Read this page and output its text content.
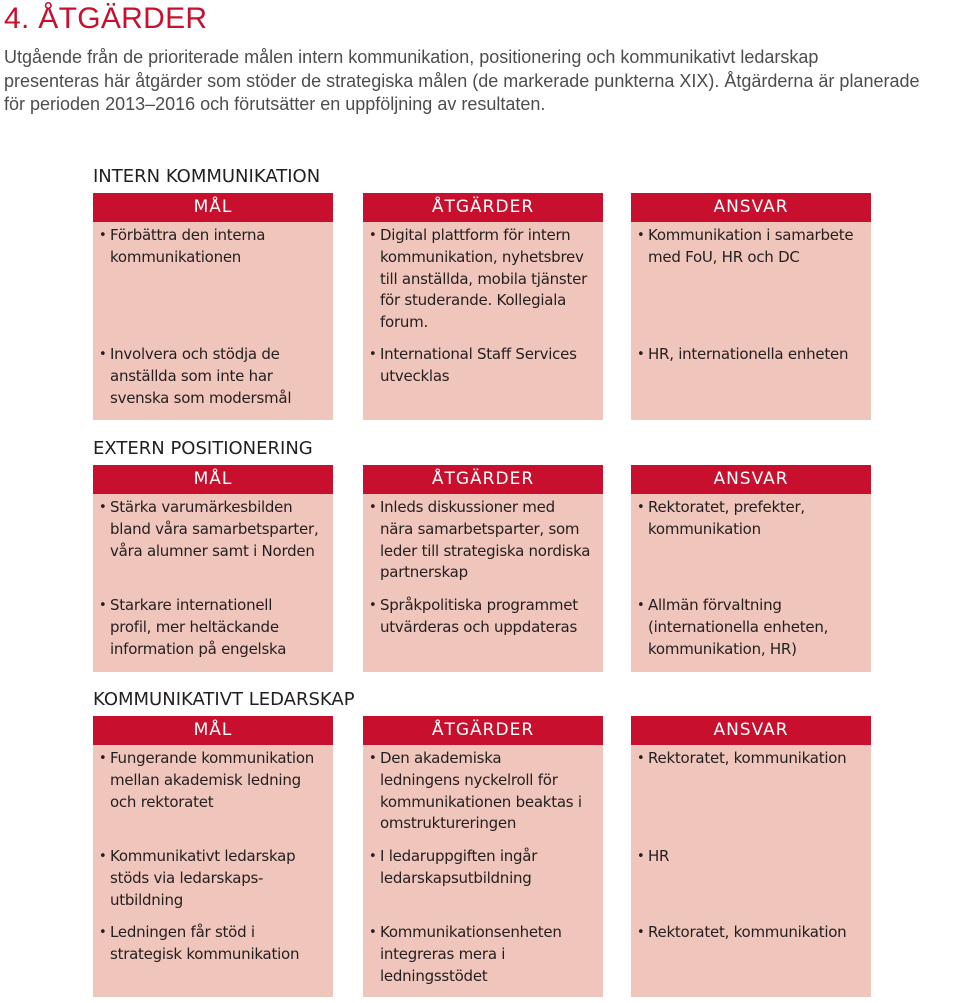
4. ÅTGÄRDER

Utgående från de prioriterade målen intern kommunikation, positionering och kommunikativt ledarskap

presenteras här åtgärder som stöder de strategiska målen (de markerade punkterna XIX). Åtgärderna är planerade

för perioden 2013–2016 och förutsätter en uppföljning av resultaten.

INTERN KOMMUNIKATION
MÅL
• Förbättra den interna
kommunikationen
• Involvera och stödja de
anställda som inte har
svenska som modersmål
ÅTGÄRDER
• Digital plattform för intern
kommunikation, nyhetsbrev
till anställda, mobila tjänster
för studerande. Kollegiala
forum.
• International Staff Services
utvecklas
ANSVAR
• Kommunikation i samarbete
med FoU, HR och DC
• HR, internationella enheten
EXTERN POSITIONERING
MÅL
• Stärka varumärkesbilden
bland våra samarbetsparter,
våra alumner samt i Norden
• Starkare internationell
profil, mer heltäckande
information på engelska
ÅTGÄRDER
• Inleds diskussioner med
nära samarbetsparter, som
leder till strategiska nordiska
partnerskap
• Språkpolitiska programmet
utvärderas och uppdateras
ANSVAR
• Rektoratet, prefekter,
kommunikation
• Allmän förvaltning
(internationella enheten,
kommunikation, HR)
KOMMUNIKATIVT LEDARSKAP
MÅL
• Fungerande kommunikation
mellan akademisk ledning
och rektoratet
• Kommunikativt ledarskap
stöds via ledarskaps-
utbildning
• Ledningen får stöd i
strategisk kommunikation
ÅTGÄRDER
• Den akademiska
ledningens nyckelroll för
kommunikationen beaktas i
omstruktureringen
• I ledaruppgiften ingår
ledarskapsutbildning
• Kommunikationsenheten
integreras mera i
ledningsstödet
ANSVAR
• Rektoratet, kommunikation
• HR
• Rektoratet, kommunikation
